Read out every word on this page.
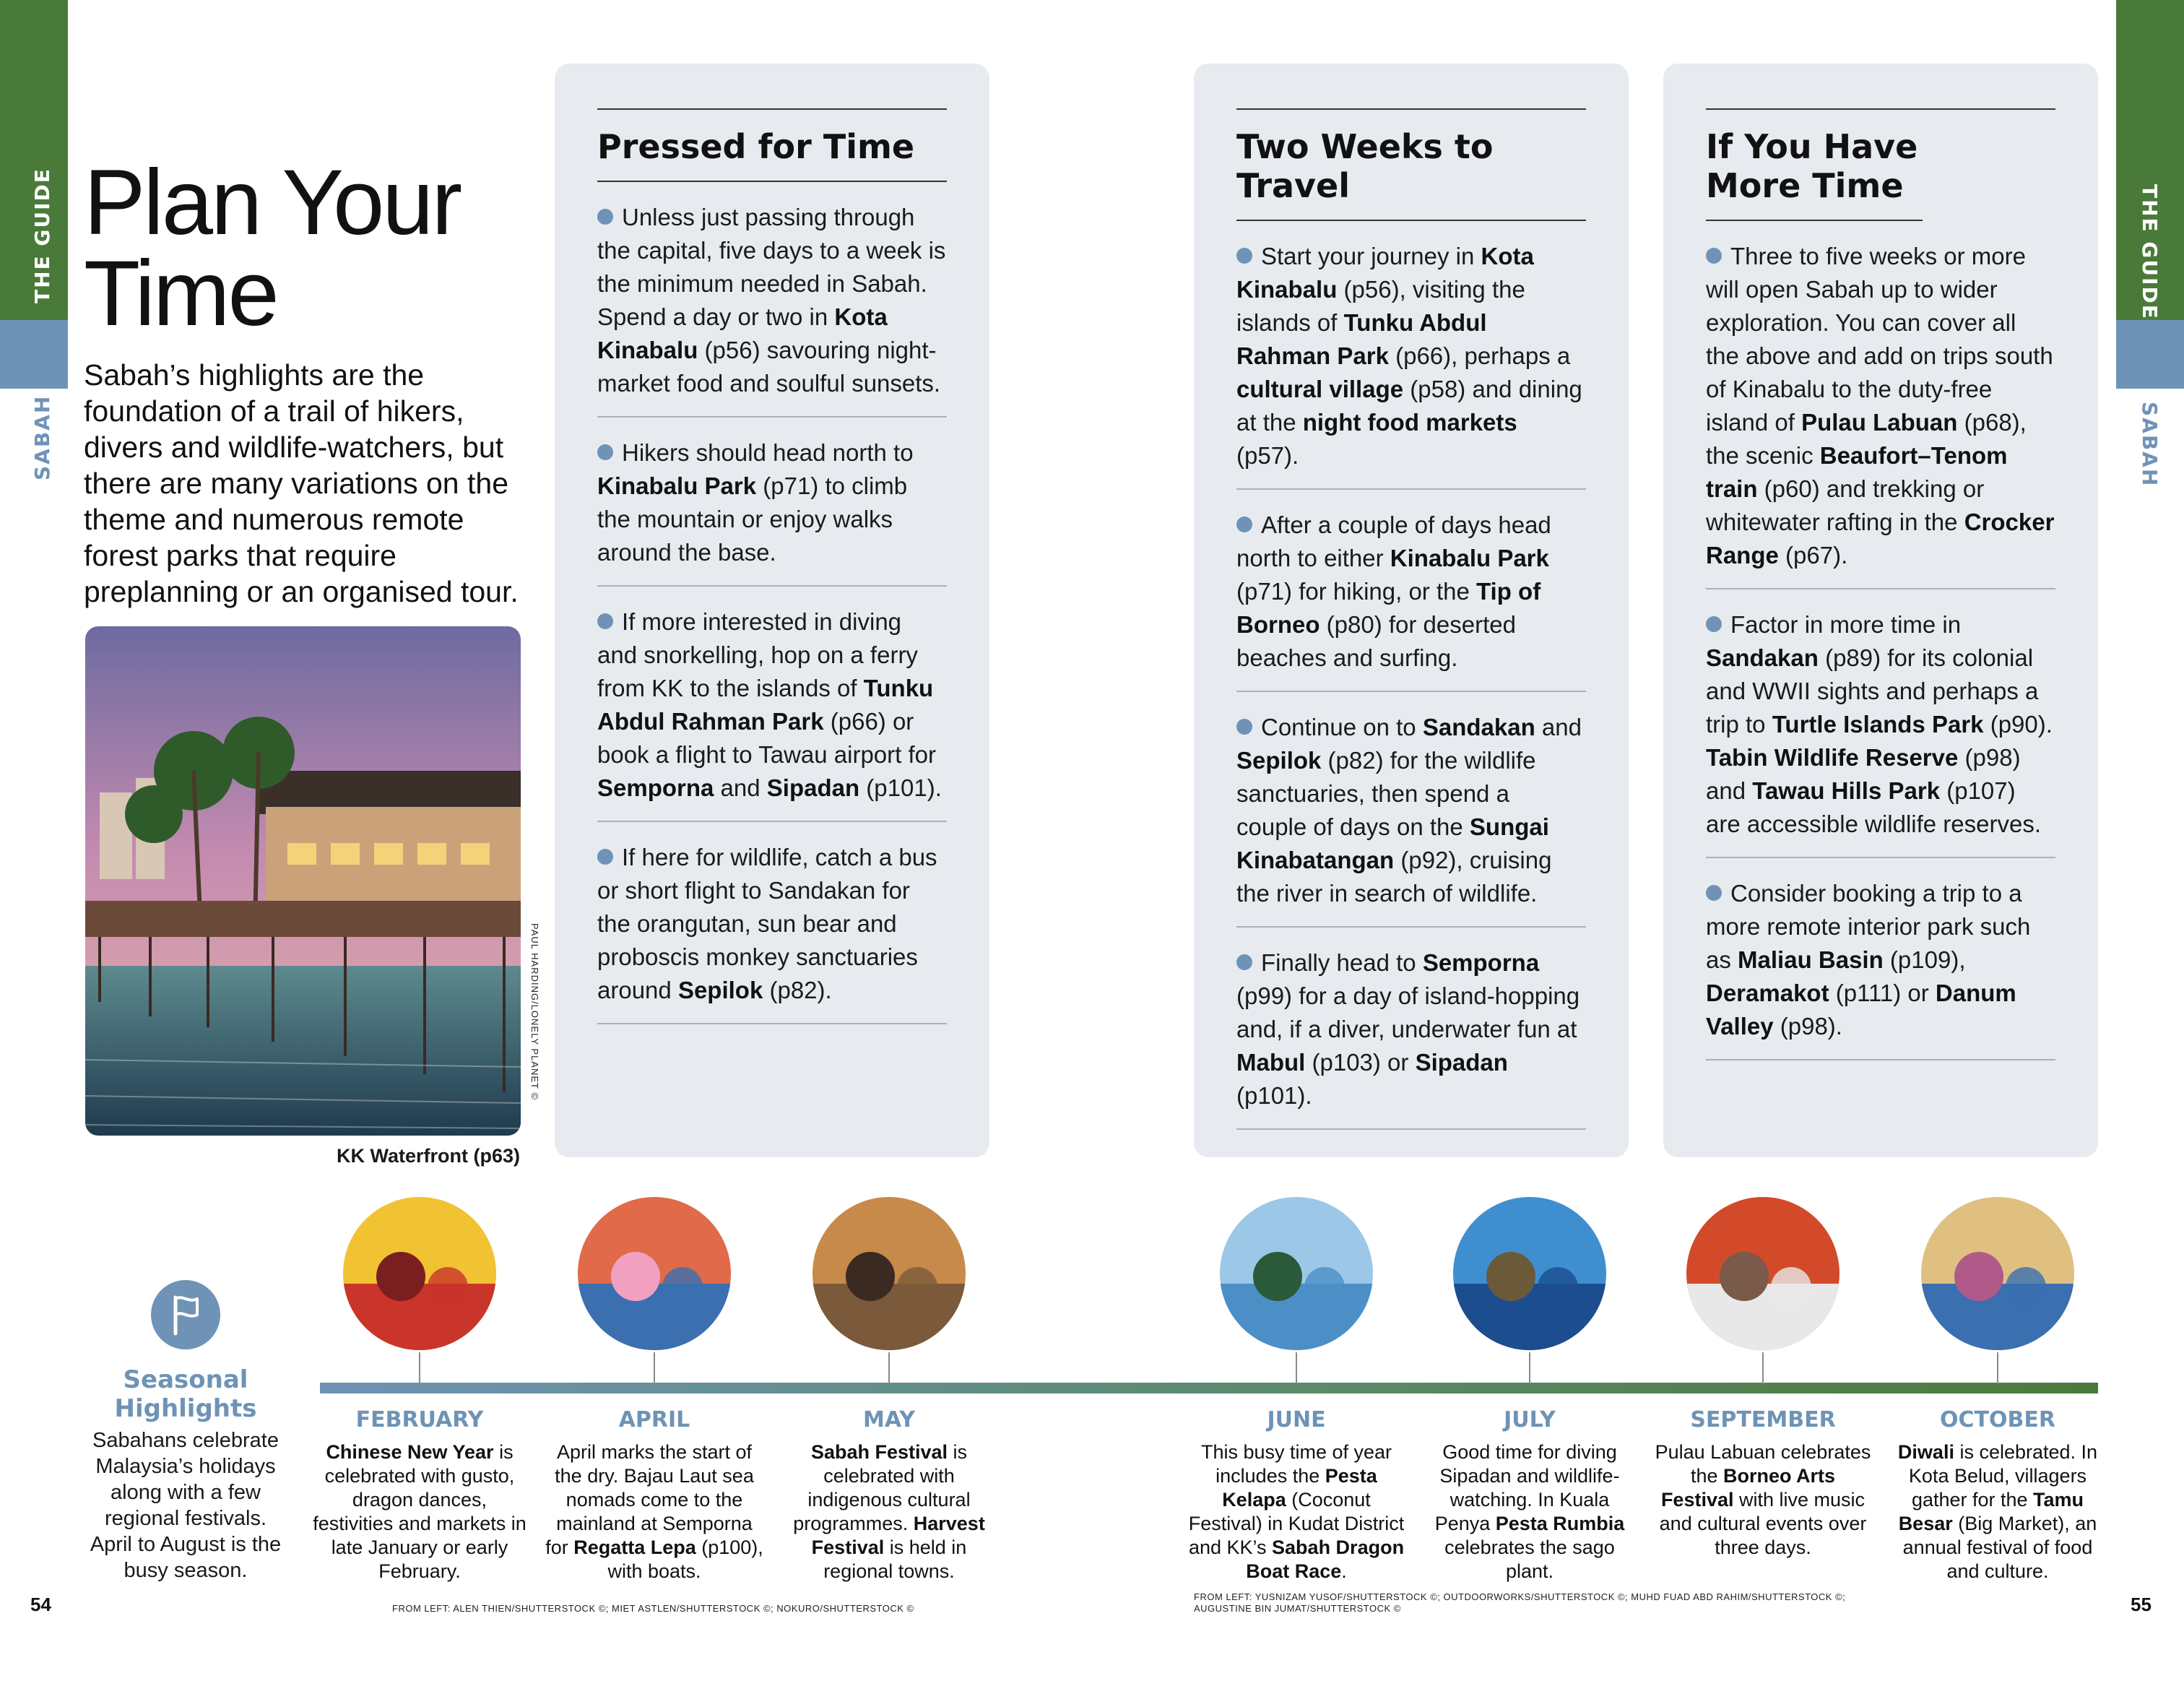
THE GUIDE
SABAH
THE GUIDE
SABAH
Plan Your
Time
Sabah’s highlights are the foundation of a trail of hikers, divers and wildlife-watchers, but there are many variations on the theme and numerous remote forest parks that require preplanning or an organised tour.
PAUL HARDING/LONELY PLANET ©
KK Waterfront (p63)
Pressed for Time
Unless just passing through the capital, five days to a week is the minimum needed in Sabah. Spend a day or two in Kota Kinabalu (p56) savouring night-market food and soulful sunsets.
Hikers should head north to Kinabalu Park (p71) to climb the mountain or enjoy walks around the base.
If more interested in diving and snorkelling, hop on a ferry from KK to the islands of Tunku Abdul Rahman Park (p66) or book a flight to Tawau airport for Semporna and Sipadan (p101).
If here for wildlife, catch a bus or short flight to Sandakan for the orangutan, sun bear and proboscis monkey sanctuaries around Sepilok (p82).
Two Weeks to Travel
Start your journey in Kota Kinabalu (p56), visiting the islands of Tunku Abdul Rahman Park (p66), perhaps a cultural village (p58) and dining at the night food markets (p57).
After a couple of days head north to either Kinabalu Park (p71) for hiking, or the Tip of Borneo (p80) for deserted beaches and surfing.
Continue on to Sandakan and Sepilok (p82) for the wildlife sanctuaries, then spend a couple of days on the Sungai Kinabatangan (p92), cruising the river in search of wildlife.
Finally head to Semporna (p99) for a day of island-hopping and, if a diver, underwater fun at Mabul (p103) or Sipadan (p101).
If You Have More Time
Three to five weeks or more will open Sabah up to wider exploration. You can cover all the above and add on trips south of Kinabalu to the duty-free island of Pulau Labuan (p68), the scenic Beaufort–Tenom train (p60) and trekking or whitewater rafting in the Crocker Range (p67).
Factor in more time in Sandakan (p89) for its colonial and WWII sights and perhaps a trip to Turtle Islands Park (p90). Tabin Wildlife Reserve (p98) and Tawau Hills Park (p107) are accessible wildlife reserves.
Consider booking a trip to a more remote interior park such as Maliau Basin (p109), Deramakot (p111) or Danum Valley (p98).
Seasonal
Highlights
Sabahans celebrate Malaysia’s holidays along with a few regional festivals. April to August is the busy season.
FEBRUARY
Chinese New Year is celebrated with gusto, dragon dances, festivities and markets in late January or early February.
APRIL
April marks the start of the dry. Bajau Laut sea nomads come to the mainland at Semporna for Regatta Lepa (p100), with boats.
MAY
Sabah Festival is celebrated with indigenous cultural programmes. Harvest Festival is held in regional towns.
JUNE
This busy time of year includes the Pesta Kelapa (Coconut Festival) in Kudat District and KK’s Sabah Dragon Boat Race.
JULY
Good time for diving Sipadan and wildlife-watching. In Kuala Penya Pesta Rumbia celebrates the sago plant.
SEPTEMBER
Pulau Labuan celebrates the Borneo Arts Festival with live music and cultural events over three days.
OCTOBER
Diwali is celebrated. In Kota Belud, villagers gather for the Tamu Besar (Big Market), an annual festival of food and culture.
FROM LEFT: ALEN THIEN/SHUTTERSTOCK ©; MIET ASTLEN/SHUTTERSTOCK ©; NOKURO/SHUTTERSTOCK ©
FROM LEFT: YUSNIZAM YUSOF/SHUTTERSTOCK ©; OUTDOORWORKS/SHUTTERSTOCK ©; MUHD FUAD ABD RAHIM/SHUTTERSTOCK ©;
AUGUSTINE BIN JUMAT/SHUTTERSTOCK ©
54	55
